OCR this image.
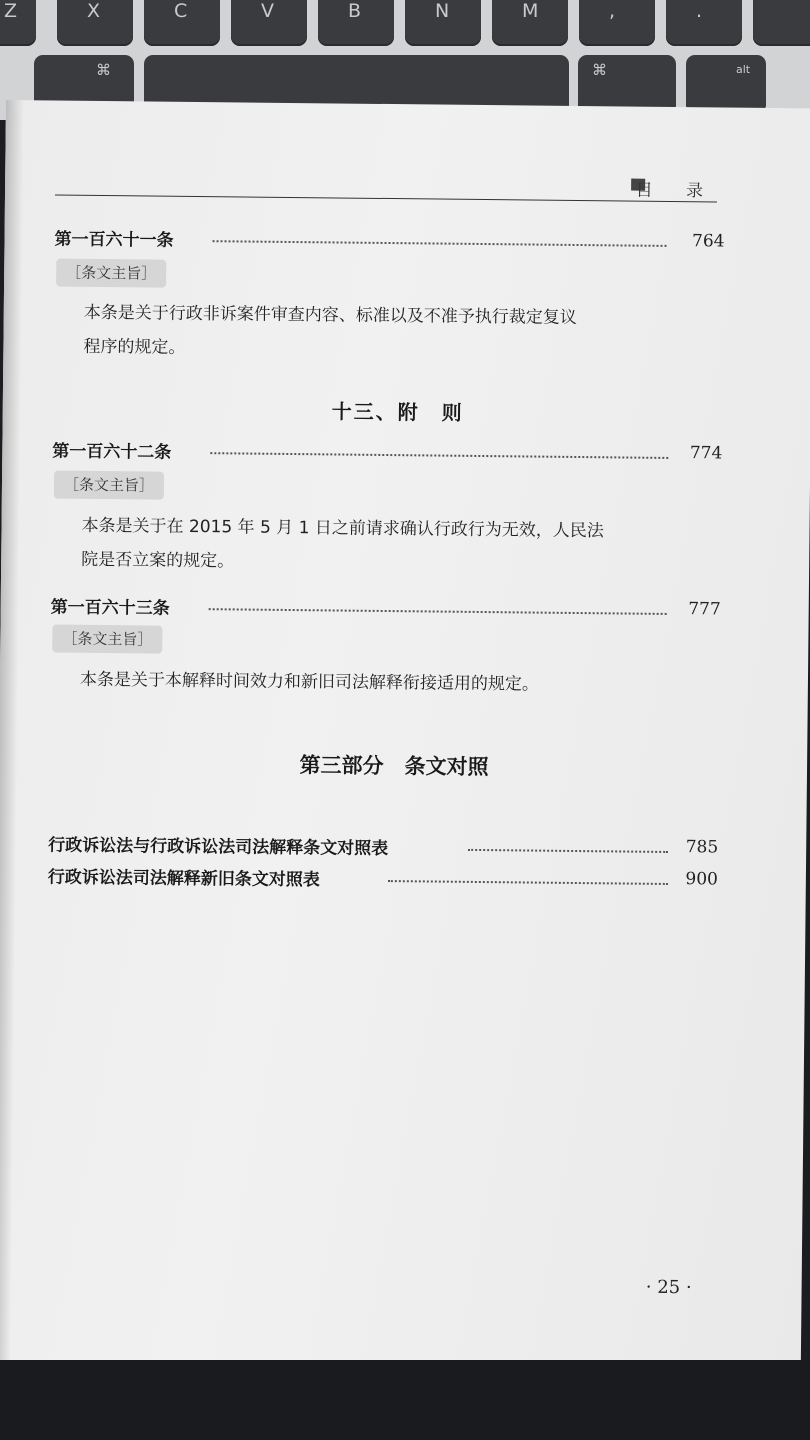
Z	X	C	V	B	N	M	,	.
⌘	⌘	alt
目 录
第一百六十一条	764
［条文主旨］
本条是关于行政非诉案件审查内容、标准以及不准予执行裁定复议
程序的规定。
十三、附　则
第一百六十二条	774
［条文主旨］
本条是关于在 2015 年 5 月 1 日之前请求确认行政行为无效，人民法
院是否立案的规定。
第一百六十三条	777
［条文主旨］
本条是关于本解释时间效力和新旧司法解释衔接适用的规定。
第三部分　条文对照
行政诉讼法与行政诉讼法司法解释条文对照表	785
行政诉讼法司法解释新旧条文对照表	900
· 25 ·
